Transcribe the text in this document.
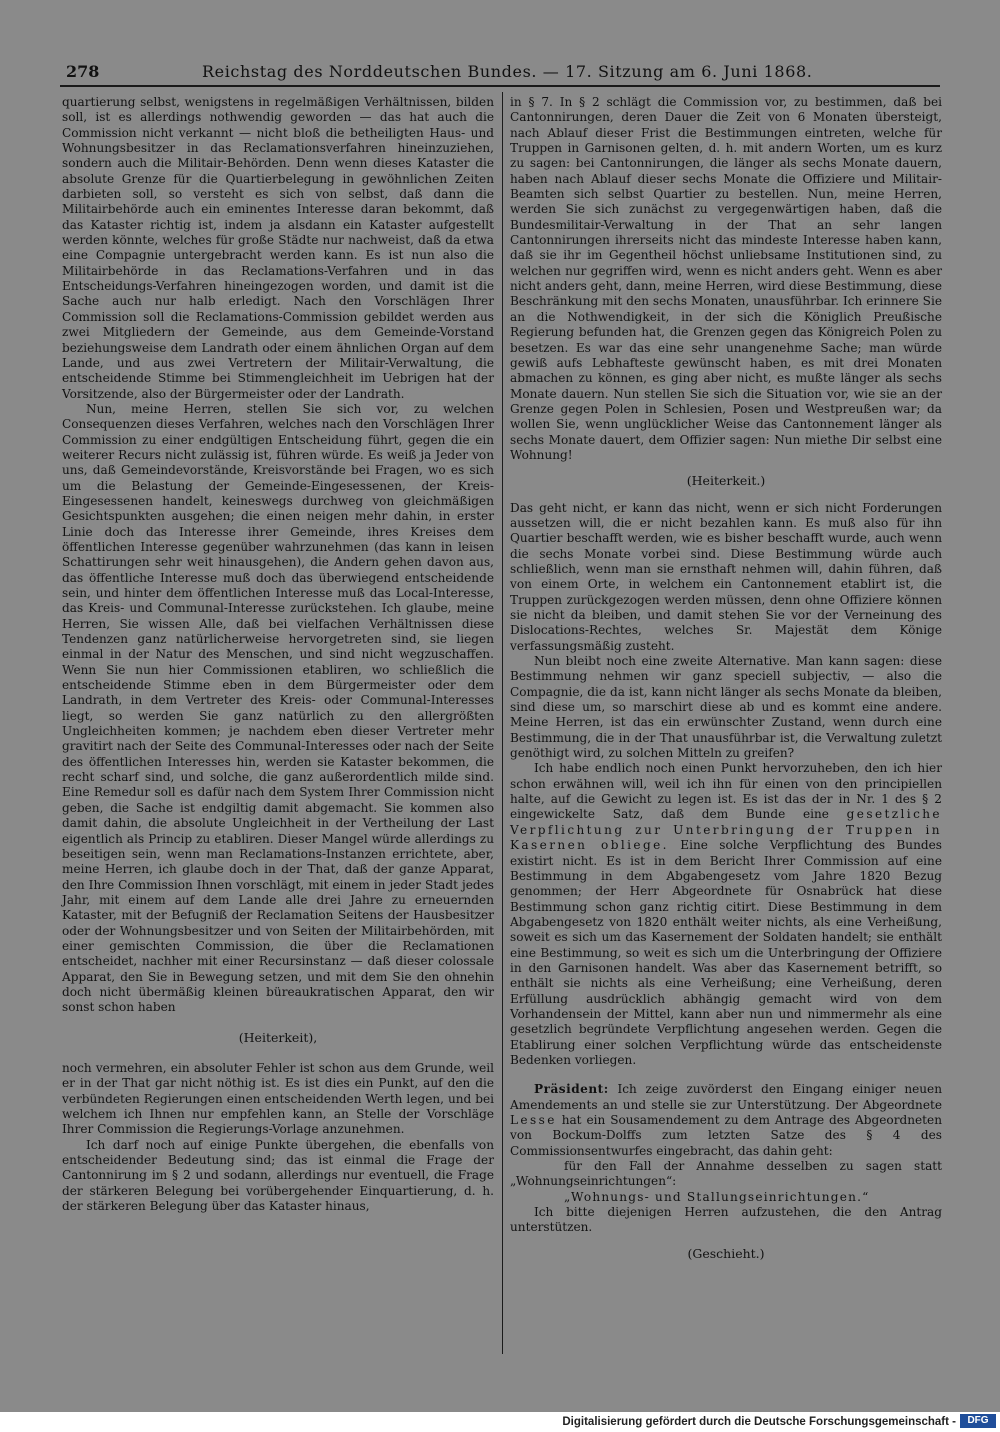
278	Reichstag des Norddeutschen Bundes. — 17. Sitzung am 6. Juni 1868.

quartierung selbst, wenigstens in regelmäßigen Verhältnissen, bilden soll, ist es allerdings nothwendig geworden — das hat auch die Commission nicht verkannt — nicht bloß die betheiligten Haus- und Wohnungsbesitzer in das Reclamationsverfahren hineinzuziehen, sondern auch die Militair-Behörden. Denn wenn dieses Kataster die absolute Grenze für die Quartierbelegung in gewöhnlichen Zeiten darbieten soll, so versteht es sich von selbst, daß dann die Militairbehörde auch ein eminentes Interesse daran bekommt, daß das Kataster richtig ist, indem ja alsdann ein Kataster aufgestellt werden könnte, welches für große Städte nur nachweist, daß da etwa eine Compagnie untergebracht werden kann. Es ist nun also die Militairbehörde in das Reclamations-Verfahren und in das Entscheidungs-Verfahren hineingezogen worden, und damit ist die Sache auch nur halb erledigt. Nach den Vorschlägen Ihrer Commission soll die Reclamations-Commission gebildet werden aus zwei Mitgliedern der Gemeinde, aus dem Gemeinde-Vorstand beziehungsweise dem Landrath oder einem ähnlichen Organ auf dem Lande, und aus zwei Vertretern der Militair-Verwaltung, die entscheidende Stimme bei Stimmengleichheit im Uebrigen hat der Vorsitzende, also der Bürgermeister oder der Landrath.

Nun, meine Herren, stellen Sie sich vor, zu welchen Consequenzen dieses Verfahren, welches nach den Vorschlägen Ihrer Commission zu einer endgültigen Entscheidung führt, gegen die ein weiterer Recurs nicht zulässig ist, führen würde. Es weiß ja Jeder von uns, daß Gemeindevorstände, Kreisvorstände bei Fragen, wo es sich um die Belastung der Gemeinde-Eingesessenen, der Kreis-Eingesessenen handelt, keineswegs durchweg von gleichmäßigen Gesichtspunkten ausgehen; die einen neigen mehr dahin, in erster Linie doch das Interesse ihrer Gemeinde, ihres Kreises dem öffentlichen Interesse gegenüber wahrzunehmen (das kann in leisen Schattirungen sehr weit hinausgehen), die Andern gehen davon aus, das öffentliche Interesse muß doch das überwiegend entscheidende sein, und hinter dem öffentlichen Interesse muß das Local-Interesse, das Kreis- und Communal-Interesse zurückstehen. Ich glaube, meine Herren, Sie wissen Alle, daß bei vielfachen Verhältnissen diese Tendenzen ganz natürlicherweise hervorgetreten sind, sie liegen einmal in der Natur des Menschen, und sind nicht wegzuschaffen. Wenn Sie nun hier Commissionen etabliren, wo schließlich die entscheidende Stimme eben in dem Bürgermeister oder dem Landrath, in dem Vertreter des Kreis- oder Communal-Interesses liegt, so werden Sie ganz natürlich zu den allergrößten Ungleichheiten kommen; je nachdem eben dieser Vertreter mehr gravitirt nach der Seite des Communal-Interesses oder nach der Seite des öffentlichen Interesses hin, werden sie Kataster bekommen, die recht scharf sind, und solche, die ganz außerordentlich milde sind. Eine Remedur soll es dafür nach dem System Ihrer Commission nicht geben, die Sache ist endgiltig damit abgemacht. Sie kommen also damit dahin, die absolute Ungleichheit in der Vertheilung der Last eigentlich als Princip zu etabliren. Dieser Mangel würde allerdings zu beseitigen sein, wenn man Reclamations-Instanzen errichtete, aber, meine Herren, ich glaube doch in der That, daß der ganze Apparat, den Ihre Commission Ihnen vorschlägt, mit einem in jeder Stadt jedes Jahr, mit einem auf dem Lande alle drei Jahre zu erneuernden Kataster, mit der Befugniß der Reclamation Seitens der Hausbesitzer oder der Wohnungsbesitzer und von Seiten der Militairbehörden, mit einer gemischten Commission, die über die Reclamationen entscheidet, nachher mit einer Recursinstanz — daß dieser colossale Apparat, den Sie in Bewegung setzen, und mit dem Sie den ohnehin doch nicht übermäßig kleinen büreaukratischen Apparat, den wir sonst schon haben

(Heiterkeit),

noch vermehren, ein absoluter Fehler ist schon aus dem Grunde, weil er in der That gar nicht nöthig ist. Es ist dies ein Punkt, auf den die verbündeten Regierungen einen entscheidenden Werth legen, und bei welchem ich Ihnen nur empfehlen kann, an Stelle der Vorschläge Ihrer Commission die Regierungs-Vorlage anzunehmen.

Ich darf noch auf einige Punkte übergehen, die ebenfalls von entscheidender Bedeutung sind; das ist einmal die Frage der Cantonnirung im § 2 und sodann, allerdings nur eventuell, die Frage der stärkeren Belegung bei vorübergehender Einquartierung, d. h. der stärkeren Belegung über das Kataster hinaus,

in § 7. In § 2 schlägt die Commission vor, zu bestimmen, daß bei Cantonnirungen, deren Dauer die Zeit von 6 Monaten übersteigt, nach Ablauf dieser Frist die Bestimmungen eintreten, welche für Truppen in Garnisonen gelten, d. h. mit andern Worten, um es kurz zu sagen: bei Cantonnirungen, die länger als sechs Monate dauern, haben nach Ablauf dieser sechs Monate die Offiziere und Militair-Beamten sich selbst Quartier zu bestellen. Nun, meine Herren, werden Sie sich zunächst zu vergegenwärtigen haben, daß die Bundesmilitair-Verwaltung in der That an sehr langen Cantonnirungen ihrerseits nicht das mindeste Interesse haben kann, daß sie ihr im Gegentheil höchst unliebsame Institutionen sind, zu welchen nur gegriffen wird, wenn es nicht anders geht. Wenn es aber nicht anders geht, dann, meine Herren, wird diese Bestimmung, diese Beschränkung mit den sechs Monaten, unausführbar. Ich erinnere Sie an die Nothwendigkeit, in der sich die Königlich Preußische Regierung befunden hat, die Grenzen gegen das Königreich Polen zu besetzen. Es war das eine sehr unangenehme Sache; man würde gewiß aufs Lebhafteste gewünscht haben, es mit drei Monaten abmachen zu können, es ging aber nicht, es mußte länger als sechs Monate dauern. Nun stellen Sie sich die Situation vor, wie sie an der Grenze gegen Polen in Schlesien, Posen und Westpreußen war; da wollen Sie, wenn unglücklicher Weise das Cantonnement länger als sechs Monate dauert, dem Offizier sagen: Nun miethe Dir selbst eine Wohnung!

(Heiterkeit.)

Das geht nicht, er kann das nicht, wenn er sich nicht Forderungen aussetzen will, die er nicht bezahlen kann. Es muß also für ihn Quartier beschafft werden, wie es bisher beschafft wurde, auch wenn die sechs Monate vorbei sind. Diese Bestimmung würde auch schließlich, wenn man sie ernsthaft nehmen will, dahin führen, daß von einem Orte, in welchem ein Cantonnement etablirt ist, die Truppen zurückgezogen werden müssen, denn ohne Offiziere können sie nicht da bleiben, und damit stehen Sie vor der Verneinung des Dislocations-Rechtes, welches Sr. Majestät dem Könige verfassungsmäßig zusteht.

Nun bleibt noch eine zweite Alternative. Man kann sagen: diese Bestimmung nehmen wir ganz speciell subjectiv, — also die Compagnie, die da ist, kann nicht länger als sechs Monate da bleiben, sind diese um, so marschirt diese ab und es kommt eine andere. Meine Herren, ist das ein erwünschter Zustand, wenn durch eine Bestimmung, die in der That unausführbar ist, die Verwaltung zuletzt genöthigt wird, zu solchen Mitteln zu greifen?

Ich habe endlich noch einen Punkt hervorzuheben, den ich hier schon erwähnen will, weil ich ihn für einen von den principiellen halte, auf die Gewicht zu legen ist. Es ist das der in Nr. 1 des § 2 eingewickelte Satz, daß dem Bunde eine gesetzliche Verpflichtung zur Unterbringung der Truppen in Kasernen obliege. Eine solche Verpflichtung des Bundes existirt nicht. Es ist in dem Bericht Ihrer Commission auf eine Bestimmung in dem Abgabengesetz vom Jahre 1820 Bezug genommen; der Herr Abgeordnete für Osnabrück hat diese Bestimmung schon ganz richtig citirt. Diese Bestimmung in dem Abgabengesetz von 1820 enthält weiter nichts, als eine Verheißung, soweit es sich um das Kasernement der Soldaten handelt; sie enthält eine Bestimmung, so weit es sich um die Unterbringung der Offiziere in den Garnisonen handelt. Was aber das Kasernement betrifft, so enthält sie nichts als eine Verheißung; eine Verheißung, deren Erfüllung ausdrücklich abhängig gemacht wird von dem Vorhandensein der Mittel, kann aber nun und nimmermehr als eine gesetzlich begründete Verpflichtung angesehen werden. Gegen die Etablirung einer solchen Verpflichtung würde das entscheidenste Bedenken vorliegen.

Präsident: Ich zeige zuvörderst den Eingang einiger neuen Amendements an und stelle sie zur Unterstützung. Der Abgeordnete Lesse hat ein Sousamendement zu dem Antrage des Abgeordneten von Bockum-Dolffs zum letzten Satze des § 4 des Commissionsentwurfes eingebracht, das dahin geht:

für den Fall der Annahme desselben zu sagen statt „Wohnungseinrichtungen“:

„Wohnungs- und Stallungseinrichtungen.“

Ich bitte diejenigen Herren aufzustehen, die den Antrag unterstützen.

(Geschieht.)
Digitalisierung gefördert durch die Deutsche Forschungsgemeinschaft -	DFG
